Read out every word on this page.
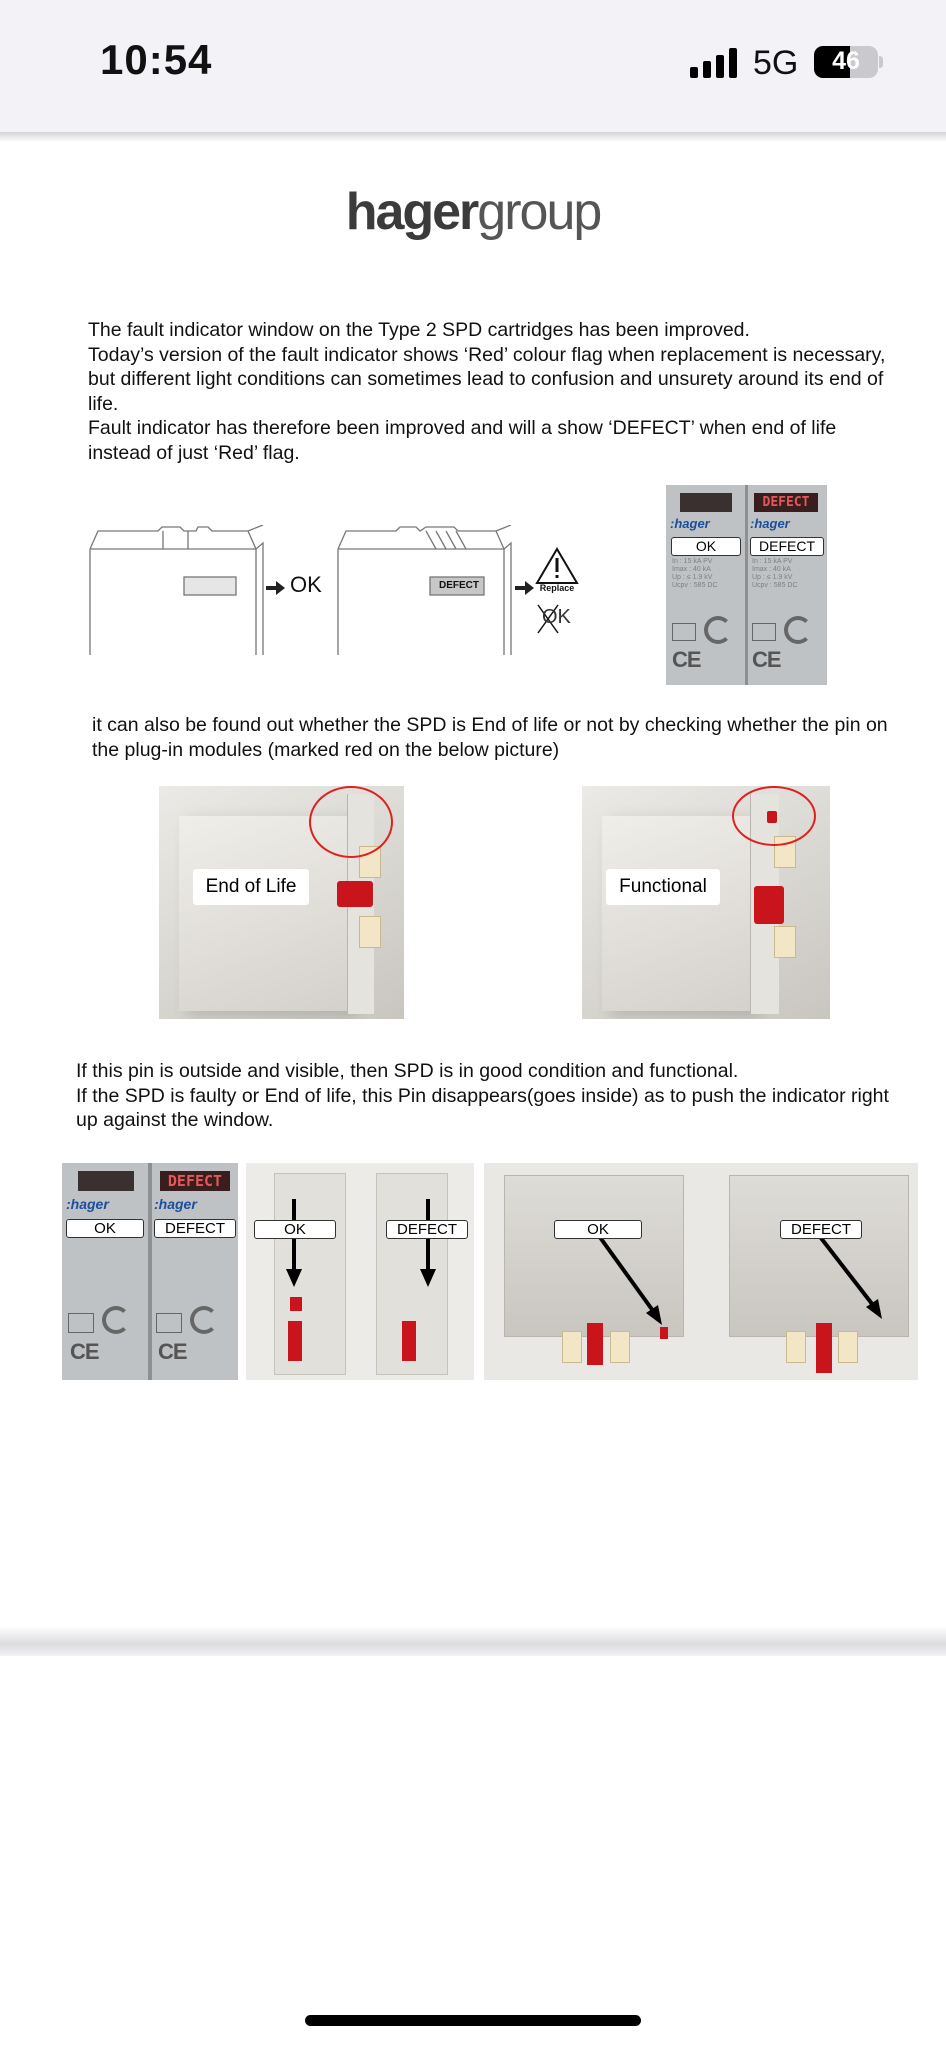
10:54	5G	46
hagergroup

The fault indicator window on the Type 2 SPD cartridges has been improved.

Today’s version of the fault indicator shows ‘Red’ colour flag when replacement is necessary, but different light conditions can sometimes lead to confusion and unsurety around its end of life.

Fault indicator has therefore been improved and will a show ‘DEFECT’ when end of life instead of just ‘Red’ flag.

OK	DEFECT	Replace
OK
DEFECT
:hager	:hager
OK	DEFECT
In : 15 kA PV
Imax : 40 kA
Up : ≤ 1.9 kV
Ucpv : 585 DC
In : 15 kA PV
Imax : 40 kA
Up : ≤ 1.9 kV
Ucpv : 585 DC
CE CE
it can also be found out whether the SPD is End of life or not by checking whether the pin on the plug-in modules (marked red on the below picture)
End of Life	Functional

If this pin is outside and visible, then SPD is in good condition and functional.

If the SPD is faulty or End of life, this Pin disappears(goes inside) as to push the indicator right up against the window.

DEFECT
:hager	:hager
OK	DEFECT
CE	CE
OK	DEFECT	OK	DEFECT
